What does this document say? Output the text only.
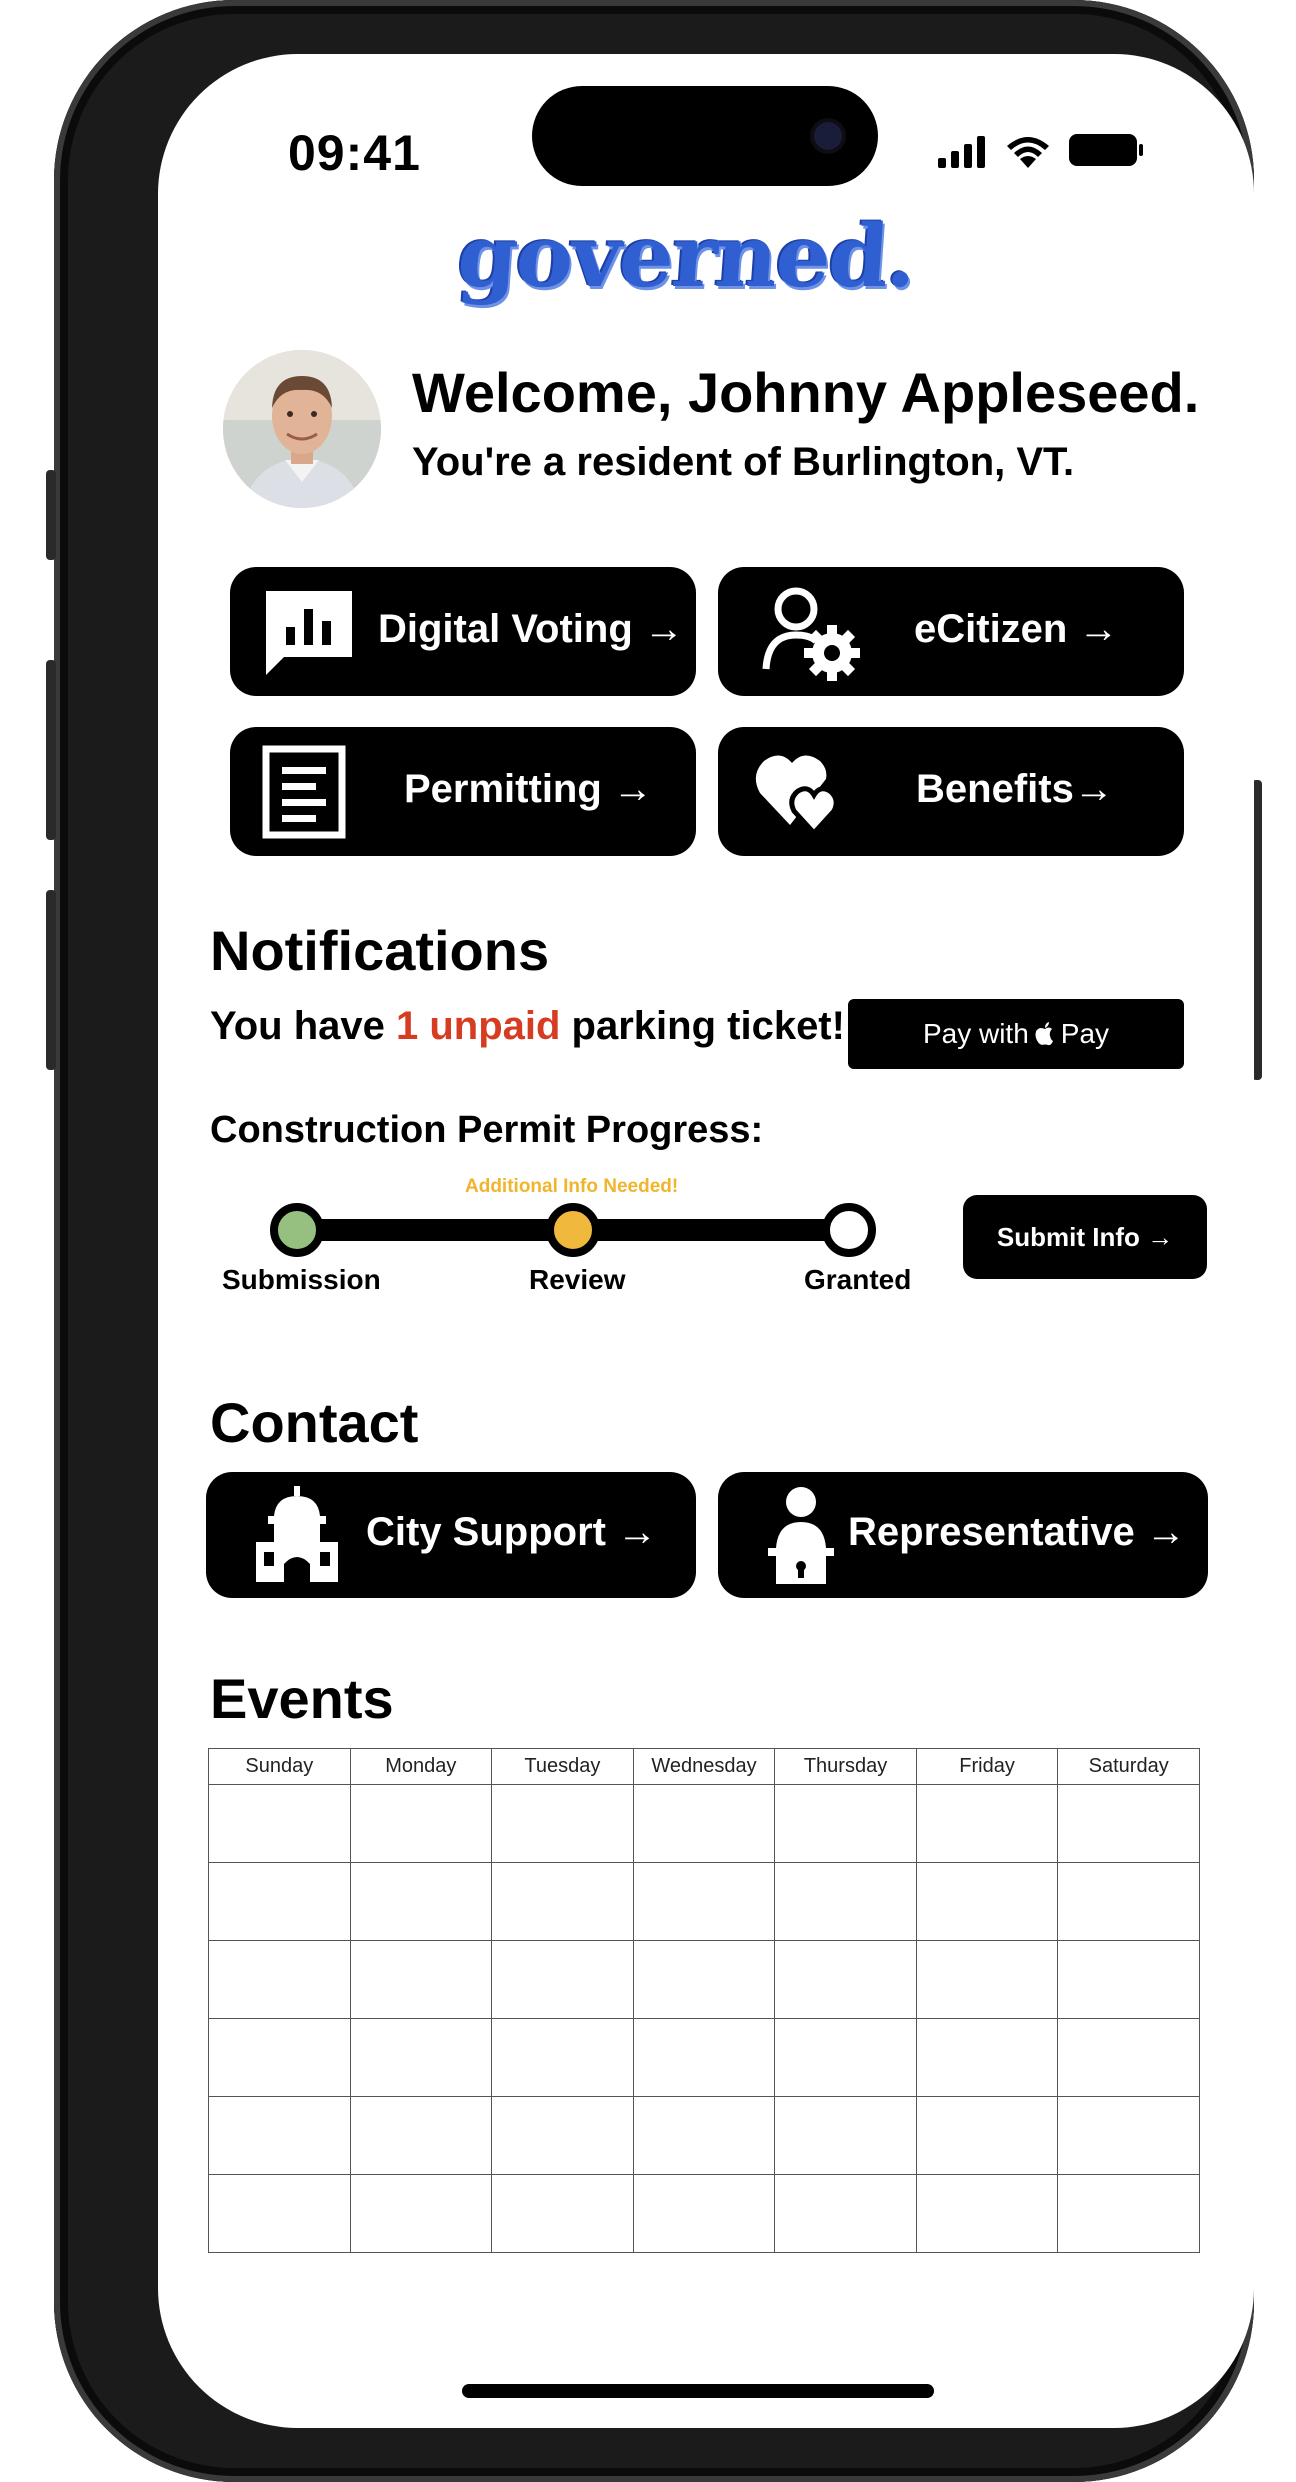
09:41
governed.
Welcome, Johnny Appleseed.
You're a resident of Burlington, VT.
Digital Voting →	eCitizen →
Permitting →	Benefits→
Notifications
You have 1 unpaid parking ticket!	Pay with Pay
Construction Permit Progress:
Additional Info Needed!
Submission	Review	Granted
Submit Info →
Contact
City Support →	Representative →
Events
Sunday	Monday	Tuesday	Wednesday	Thursday	Friday	Saturday
